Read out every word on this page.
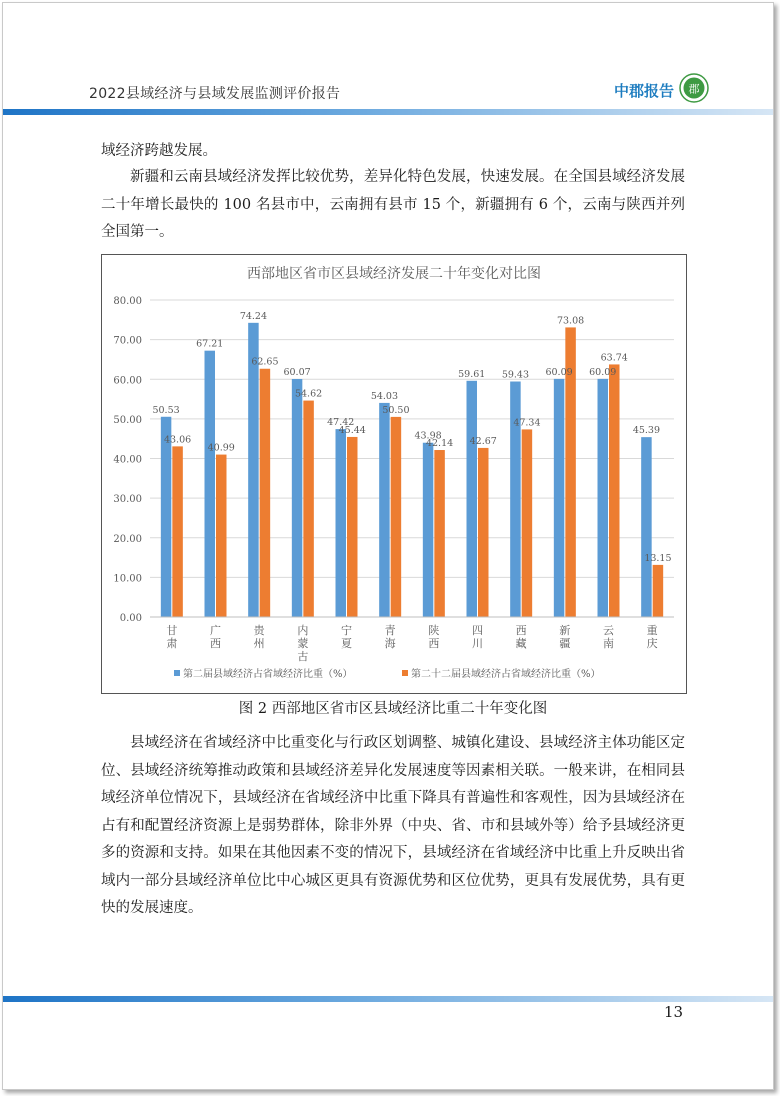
2022县域经济与县域发展监测评价报告	中郡报告 郡
域经济跨越发展。
新疆和云南县域经济发挥比较优势，差异化特色发展，快速发展。在全国县域经济发展二十年增长最快的 100 名县市中，云南拥有县市 15 个，新疆拥有 6 个，云南与陕西并列全国第一。
西部地区省市区县域经济发展二十年变化对比图
50.53
43.06
67.21
40.99
74.24
62.65
60.07
54.62
47.42
45.44
54.03
50.50
43.98
42.14
59.61
42.67
59.43
47.34
60.09
73.08
60.09
63.74
45.39
13.15
0.00
10.00
20.00
30.00
40.00
50.00
60.00
70.00
80.00
甘
肃
广
西
贵
州
内
蒙
古
宁
夏
青
海
陕
西
四
川
西
藏
新
疆
云
南
重
庆
第二届县域经济占省域经济比重（%）	第二十二届县域经济占省域经济比重（%）
图 2 西部地区省市区县域经济比重二十年变化图
县域经济在省域经济中比重变化与行政区划调整、城镇化建设、县域经济主体功能区定位、县域经济统筹推动政策和县域经济差异化发展速度等因素相关联。一般来讲，在相同县域经济单位情况下，县域经济在省域经济中比重下降具有普遍性和客观性，因为县域经济在占有和配置经济资源上是弱势群体，除非外界（中央、省、市和县域外等）给予县域经济更多的资源和支持。如果在其他因素不变的情况下，县域经济在省域经济中比重上升反映出省域内一部分县域经济单位比中心城区更具有资源优势和区位优势，更具有发展优势，具有更快的发展速度。
13
